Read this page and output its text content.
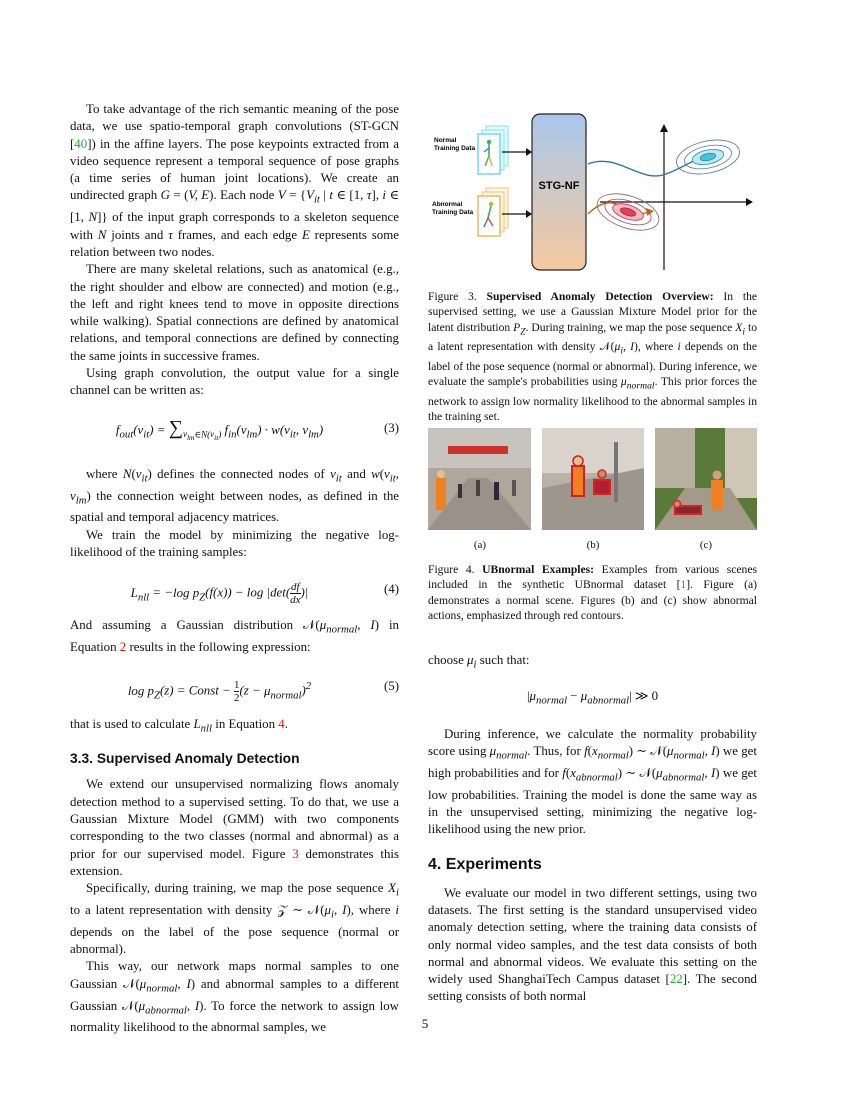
To take advantage of the rich semantic meaning of the pose data, we use spatio-temporal graph convolutions (ST-GCN [40]) in the affine layers. The pose keypoints extracted from a video sequence represent a temporal sequence of pose graphs (a time series of human joint locations). We create an undirected graph G = (V, E). Each node $V = \{V_{it}$ | t ∈ [1, τ], i ∈ [1, N]} of the input graph corresponds to a skeleton sequence with N joints and τ frames, and each edge E represents some relation between two nodes.

There are many skeletal relations, such as anatomical (e.g., the right shoulder and elbow are connected) and motion (e.g., the left and right knees tend to move in opposite directions while walking). Spatial connections are defined by anatomical relations, and temporal connections are defined by connecting the same joints in successive frames.

Using graph convolution, the output value for a single channel can be written as:

$f_{out}(v_{it}) = \sum_{v_{lm}\in N(v_{it})}$ $f_{in}(v_{lm}) \cdot w(v_{it}$, $v_{lm}$)	(3)

where $N(v_{it})$ defines the connected nodes of $v_{it}$ and $w(v_{it}$, $v_{lm}$) the connection weight between nodes, as defined in the spatial and temporal adjacency matrices.

We train the model by minimizing the negative log-likelihood of the training samples:

$L_{nll} = -\log$ $p_Z(f(x)) - \log |\det( \frac{df}{dx}$ )|	(4)

And assuming a Gaussian distribution $𝒩(\mu_{normal}$, I) in Equation 2 results in the following expression:

$\log p_Z(z)$ = Const − $\frac{1}{2} (z - \mu_{normal})^2$	(5)

that is used to calculate $L_{nll}$ in Equation 4.

3.3. Supervised Anomaly Detection

We extend our unsupervised normalizing flows anomaly detection method to a supervised setting. To do that, we use a Gaussian Mixture Model (GMM) with two components corresponding to the two classes (normal and abnormal) as a prior for our supervised model. Figure 3 demonstrates this extension.

Specifically, during training, we map the pose sequence $X_i$ to a latent representation with density 𝒵 ∼ $𝒩(\mu_i$, I), where i depends on the label of the pose sequence (normal or abnormal).

This way, our network maps normal samples to one Gaussian $𝒩(\mu_{normal}$, I) and abnormal samples to a different Gaussian $𝒩(\mu_{abnormal}$, I). To force the network to assign low normality likelihood to the abnormal samples, we

Normal
Training Data
Abnormal
Training Data
STG-NF
Figure 3. Supervised Anomaly Detection Overview: In the supervised setting, we use a Gaussian Mixture Model prior for the latent distribution $P_Z$. During training, we map the pose sequence $X_i$ to a latent representation with density $𝒩(\mu_i$, I), where i depends on the label of the pose sequence (normal or abnormal). During inference, we evaluate the sample's probabilities using $\mu_{normal}$. This prior forces the network to assign low normality likelihood to the abnormal samples in the training set.
(a)	(b)	(c)
Figure 4. UBnormal Examples: Examples from various scenes included in the synthetic UBnormal dataset [1]. Figure (a) demonstrates a normal scene. Figures (b) and (c) show abnormal actions, emphasized through red contours.

choose $\mu_i$ such that:

$|\mu_{normal} - \mu_{abnormal}|$ ≫ 0

During inference, we calculate the normality probability score using $\mu_{normal}$. Thus, for $f(x_{normal})$ ∼ $𝒩(\mu_{normal}$, I) we get high probabilities and for $f(x_{abnormal})$ ∼ $𝒩(\mu_{abnormal}$, I) we get low probabilities. Training the model is done the same way as in the unsupervised setting, minimizing the negative log-likelihood using the new prior.

4. Experiments

We evaluate our model in two different settings, using two datasets. The first setting is the standard unsupervised video anomaly detection setting, where the training data consists of only normal video samples, and the test data consists of both normal and abnormal videos. We evaluate this setting on the widely used ShanghaiTech Campus dataset [22]. The second setting consists of both normal

5
